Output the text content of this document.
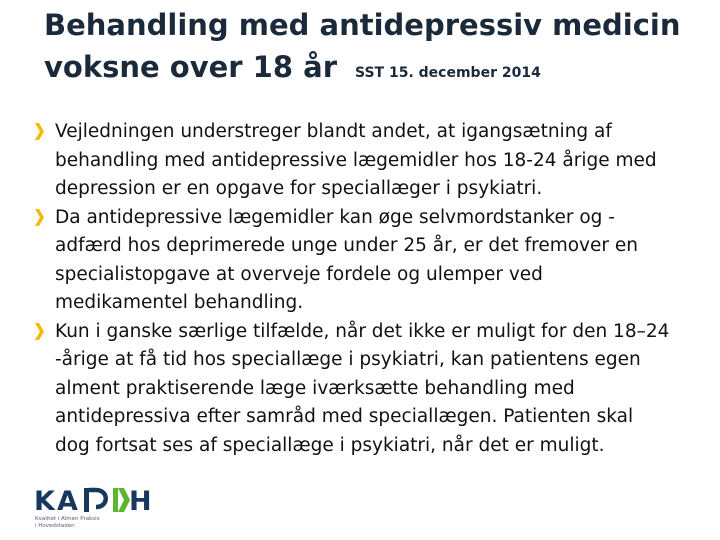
Behandling med antidepressiv medicin
voksne over 18 år SST 15. december 2014
Vejledningen understreger blandt andet, at igangsætning af
behandling med antidepressive lægemidler hos 18-24 årige med
depression er en opgave for speciallæger i psykiatri.
Da antidepressive lægemidler kan øge selvmordstanker og -
adfærd hos deprimerede unge under 25 år, er det fremover en
specialistopgave at overveje fordele og ulemper ved
medikamentel behandling.
Kun i ganske særlige tilfælde, når det ikke er muligt for den 18–24
-årige at få tid hos speciallæge i psykiatri, kan patientens egen
alment praktiserende læge iværksætte behandling med
antidepressiva efter samråd med speciallægen. Patienten skal
dog fortsat ses af speciallæge i psykiatri, når det er muligt.
K A H
Kvalitet i Almen Praksis
i Hovedstaden
